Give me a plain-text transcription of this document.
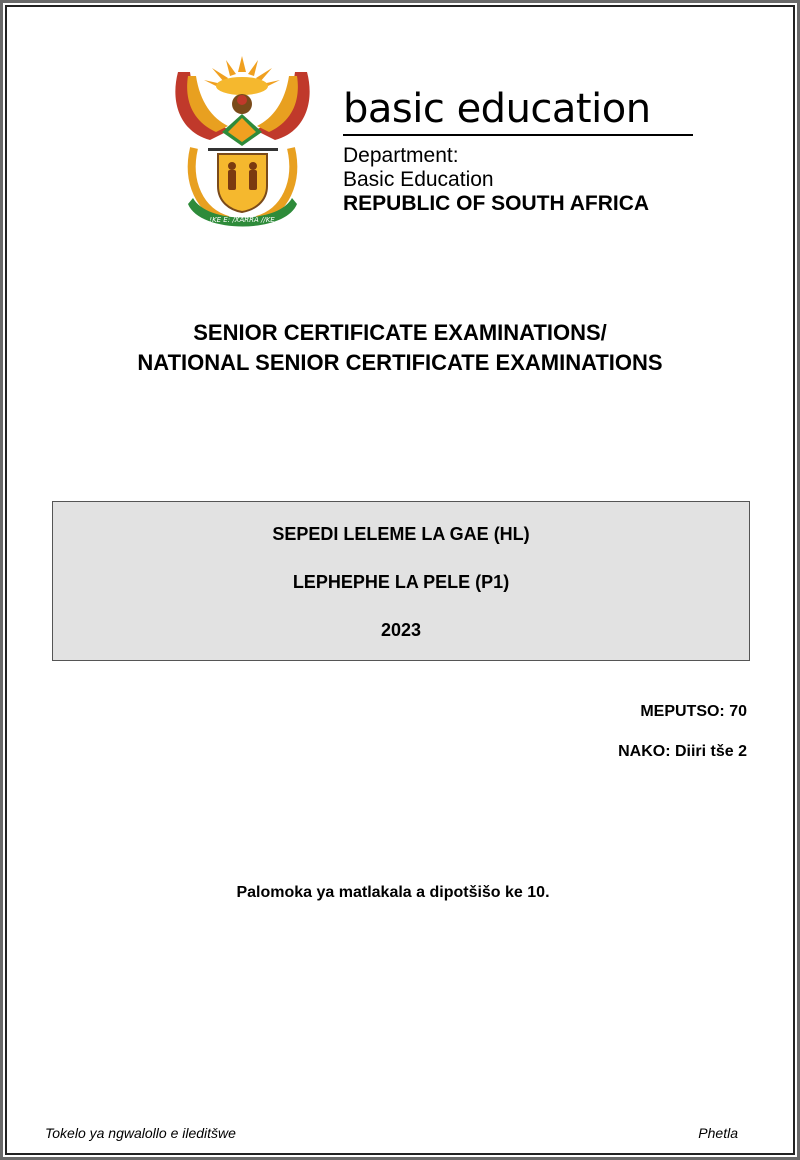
!KE E: /XARRA //KE

basic education

Department:

Basic Education

REPUBLIC OF SOUTH AFRICA

SENIOR CERTIFICATE EXAMINATIONS/
NATIONAL SENIOR CERTIFICATE EXAMINATIONS
SEPEDI LELEME LA GAE (HL)
LEPHEPHE LA PELE (P1)
2023
MEPUTSO: 70
NAKO: Diiri tše 2
Palomoka ya matlakala a dipotšišo ke 10.
Tokelo ya ngwalollo e ileditšwe	Phetla
